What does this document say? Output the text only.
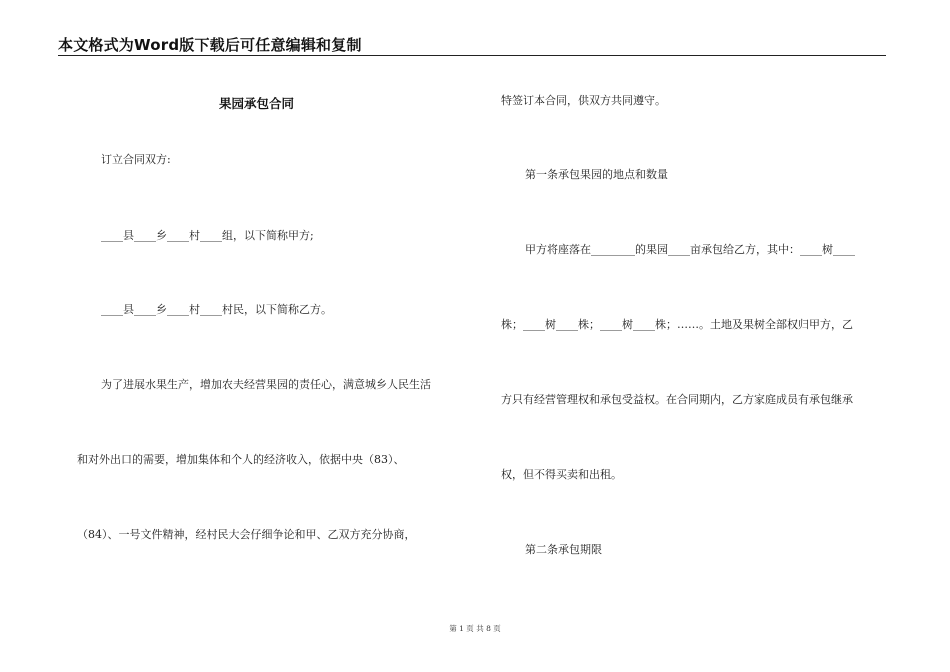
本文格式为Word版下载后可任意编辑和复制
果园承包合同
订立合同双方:
____县____乡____村____组，以下简称甲方;
____县____乡____村____村民，以下简称乙方。
为了进展水果生产，增加农夫经营果园的责任心，满意城乡人民生活
和对外出口的需要，增加集体和个人的经济收入，依据中央（83）、
（84）、一号文件精神，经村民大会仔细争论和甲、乙双方充分协商，
特签订本合同，供双方共同遵守。
第一条承包果园的地点和数量
甲方将座落在________的果园____亩承包给乙方，其中：____树____
株；____树____株；____树____株；……。土地及果树全部权归甲方，乙
方只有经营管理权和承包受益权。在合同期内，乙方家庭成员有承包继承
权，但不得买卖和出租。
第二条承包期限
第 1 页 共 8 页
